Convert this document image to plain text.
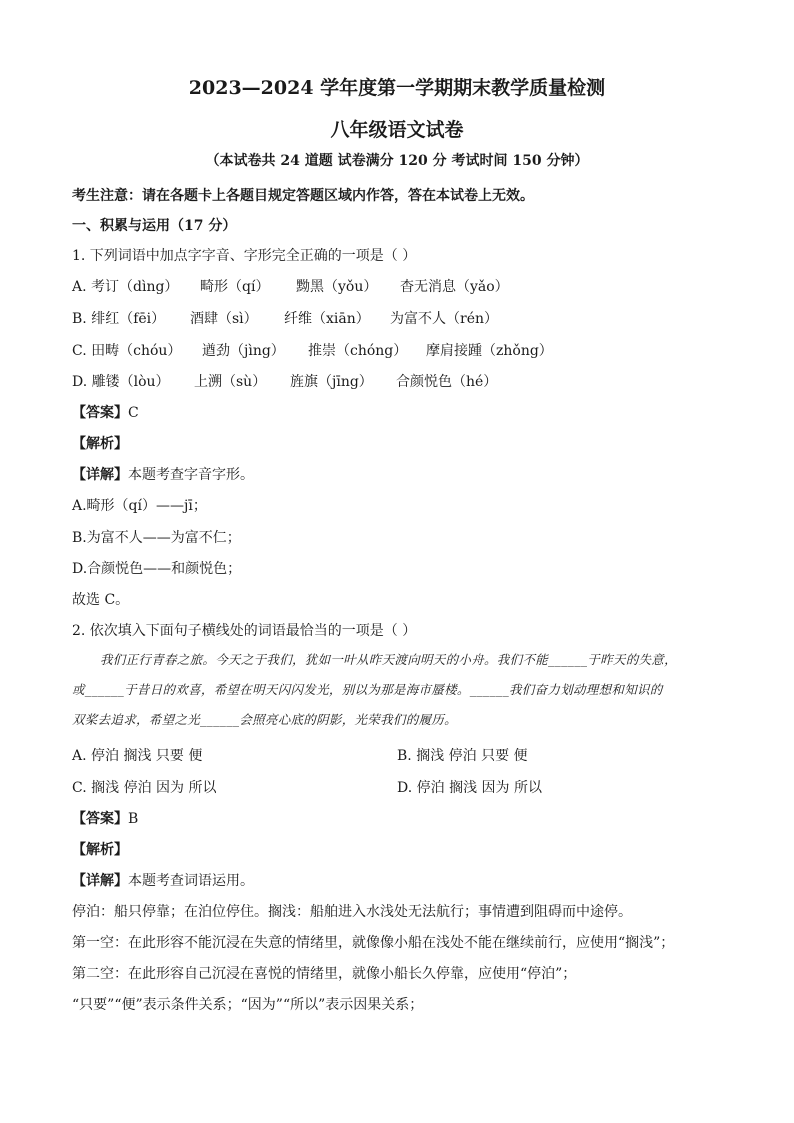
2023—2024 学年度第一学期期末教学质量检测
八年级语文试卷
（本试卷共 24 道题 试卷满分 120 分 考试时间 150 分钟）
考生注意：请在各题卡上各题目规定答题区域内作答，答在本试卷上无效。
一、积累与运用（17 分）
1. 下列词语中加点字字音、字形完全正确的一项是（ ）
A. 考订（dìng） 畸形（qí） 黝黑（yǒu） 杳无消息（yǎo）
B. 绯红（fēi） 酒肆（sì） 纤维（xiān） 为富不人（rén）
C. 田畴（chóu） 遒劲（jìng） 推崇（chóng） 摩肩接踵（zhǒng）
D. 雕镂（lòu） 上溯（sù） 旌旗（jīng） 合颜悦色（hé）
【答案】C
【解析】
【详解】本题考查字音字形。
A.畸形（qí）——jī；
B.为富不人——为富不仁；
D.合颜悦色——和颜悦色；
故选 C。
2. 依次填入下面句子横线处的词语最恰当的一项是（ ）

我们正行青春之旅。今天之于我们，犹如一叶从昨天渡向明天的小舟。我们不能______于昨天的失意，

或______于昔日的欢喜，希望在明天闪闪发光，别以为那是海市蜃楼。______我们奋力划动理想和知识的

双桨去追求，希望之光______会照亮心底的阴影，光荣我们的履历。

A. 停泊 搁浅 只要 便	B. 搁浅 停泊 只要 便
C. 搁浅 停泊 因为 所以	D. 停泊 搁浅 因为 所以
【答案】B
【解析】
【详解】本题考查词语运用。
停泊：船只停靠；在泊位停住。搁浅：船舶进入水浅处无法航行；事情遭到阻碍而中途停。
第一空：在此形容不能沉浸在失意的情绪里，就像像小船在浅处不能在继续前行，应使用“搁浅”；
第二空：在此形容自己沉浸在喜悦的情绪里，就像小船长久停靠，应使用“停泊”；
“只要”“便”表示条件关系；“因为”“所以”表示因果关系；
